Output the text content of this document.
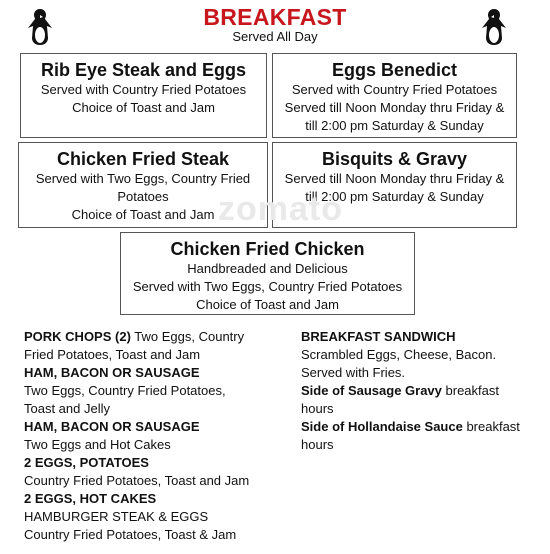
BREAKFAST
Served All Day
Rib Eye Steak and Eggs
Served with Country Fried Potatoes
Choice of Toast and Jam
Eggs Benedict
Served with Country Fried Potatoes
Served till Noon Monday thru Friday &
till 2:00 pm Saturday & Sunday
Chicken Fried Steak
Served with Two Eggs, Country Fried
Potatoes
Choice of Toast and Jam
Bisquits & Gravy
Served till Noon Monday thru Friday &
till 2:00 pm Saturday & Sunday
Chicken Fried Chicken
Handbreaded and Delicious
Served with Two Eggs, Country Fried Potatoes
Choice of Toast and Jam
zomato
PORK CHOPS (2) Two Eggs, Country
Fried Potatoes, Toast and Jam
HAM, BACON OR SAUSAGE
Two Eggs, Country Fried Potatoes,
Toast and Jelly
HAM, BACON OR SAUSAGE
Two Eggs and Hot Cakes
2 EGGS, POTATOES
Country Fried Potatoes, Toast and Jam
2 EGGS, HOT CAKES
HAMBURGER STEAK & EGGS
Country Fried Potatoes, Toast & Jam
BREAKFAST SANDWICH
Scrambled Eggs, Cheese, Bacon.
Served with Fries.
Side of Sausage Gravy breakfast
hours
Side of Hollandaise Sauce breakfast
hours
